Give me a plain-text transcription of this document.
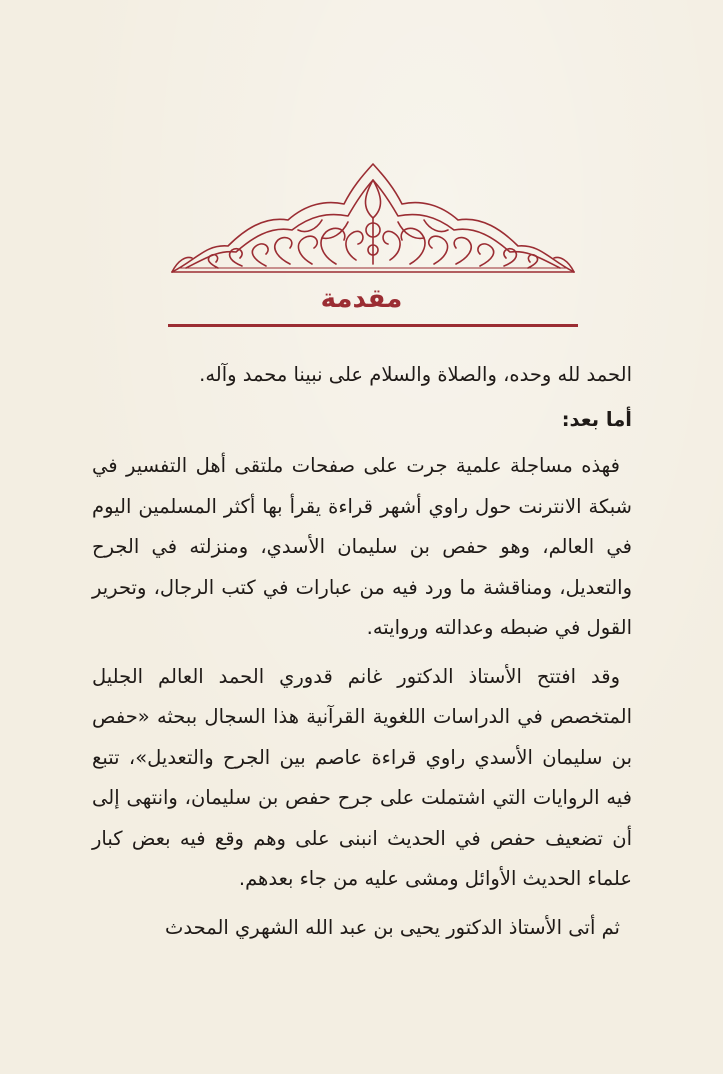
مقدمة

الحمد لله وحده، والصلاة والسلام على نبينا محمد وآله.

أما بعد:

فهذه مساجلة علمية جرت على صفحات ملتقى أهل التفسير في شبكة الانترنت حول راوي أشهر قراءة يقرأ بها أكثر المسلمين اليوم في العالم، وهو حفص بن سليمان الأسدي، ومنزلته في الجرح والتعديل، ومناقشة ما ورد فيه من عبارات في كتب الرجال، وتحرير القول في ضبطه وعدالته وروايته.

وقد افتتح الأستاذ الدكتور غانم قدوري الحمد العالم الجليل المتخصص في الدراسات اللغوية القرآنية هذا السجال ببحثه «حفص بن سليمان الأسدي راوي قراءة عاصم بين الجرح والتعديل»، تتبع فيه الروايات التي اشتملت على جرح حفص بن سليمان، وانتهى إلى أن تضعيف حفص في الحديث انبنى على وهم وقع فيه بعض كبار علماء الحديث الأوائل ومشى عليه من جاء بعدهم.

ثم أتى الأستاذ الدكتور يحيى بن عبد الله الشهري المحدث
